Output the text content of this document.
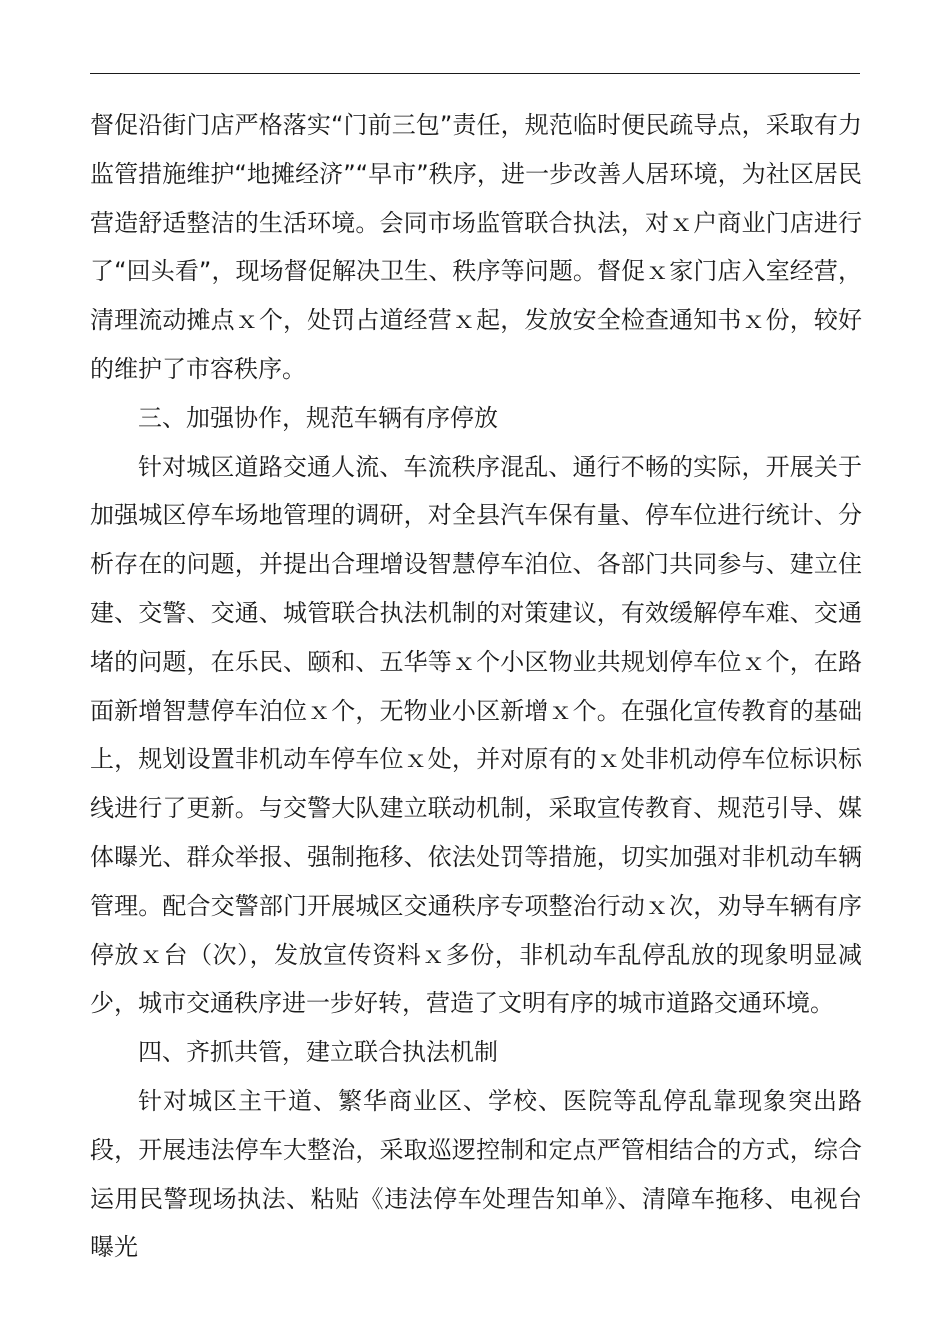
督促沿街门店严格落实“门前三包”责任，规范临时便民疏导点，采取有力监管措施维护“地摊经济”“早市”秩序，进一步改善人居环境，为社区居民营造舒适整洁的生活环境。会同市场监管联合执法，对ｘ户商业门店进行了“回头看”，现场督促解决卫生、秩序等问题。督促ｘ家门店入室经营，清理流动摊点ｘ个，处罚占道经营ｘ起，发放安全检查通知书ｘ份，较好的维护了市容秩序。

三、加强协作，规范车辆有序停放

针对城区道路交通人流、车流秩序混乱、通行不畅的实际，开展关于加强城区停车场地管理的调研，对全县汽车保有量、停车位进行统计、分析存在的问题，并提出合理增设智慧停车泊位、各部门共同参与、建立住建、交警、交通、城管联合执法机制的对策建议，有效缓解停车难、交通堵的问题，在乐民、颐和、五华等ｘ个小区物业共规划停车位ｘ个，在路面新增智慧停车泊位ｘ个，无物业小区新增ｘ个。在强化宣传教育的基础上，规划设置非机动车停车位ｘ处，并对原有的ｘ处非机动停车位标识标线进行了更新。与交警大队建立联动机制，采取宣传教育、规范引导、媒体曝光、群众举报、强制拖移、依法处罚等措施，切实加强对非机动车辆管理。配合交警部门开展城区交通秩序专项整治行动ｘ次，劝导车辆有序停放ｘ台（次），发放宣传资料ｘ多份，非机动车乱停乱放的现象明显减少，城市交通秩序进一步好转，营造了文明有序的城市道路交通环境。

四、齐抓共管，建立联合执法机制

针对城区主干道、繁华商业区、学校、医院等乱停乱靠现象突出路段，开展违法停车大整治，采取巡逻控制和定点严管相结合的方式，综合运用民警现场执法、粘贴《违法停车处理告知单》、清障车拖移、电视台曝光
